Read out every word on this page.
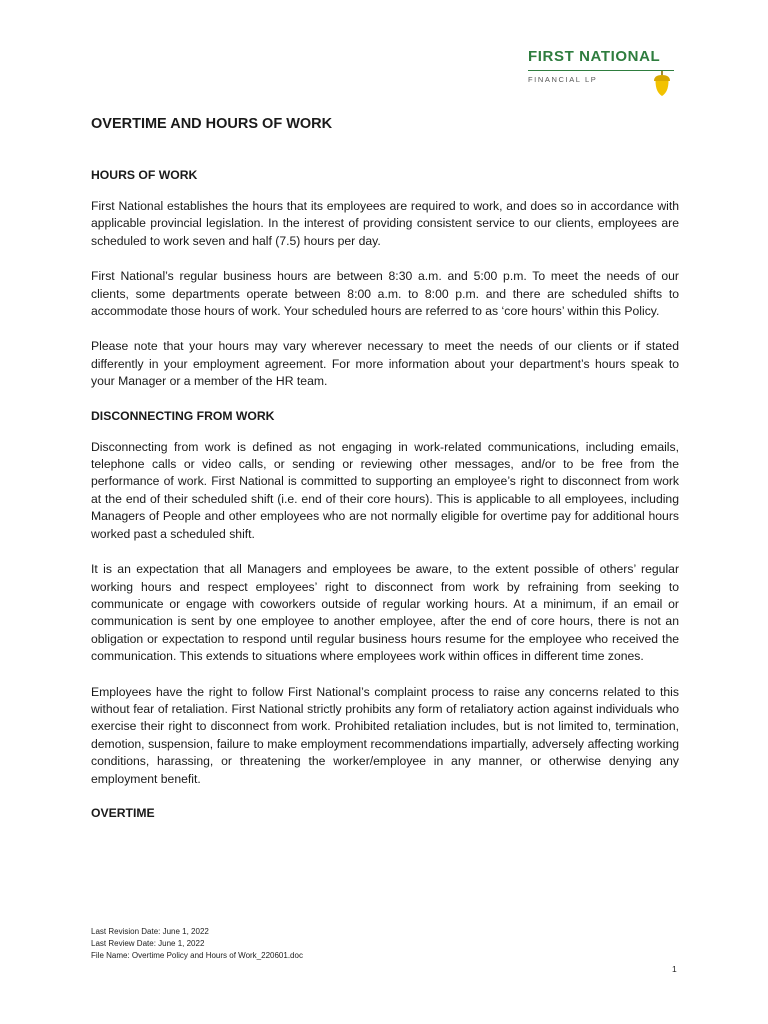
FIRST NATIONAL
FINANCIAL LP
OVERTIME AND HOURS OF WORK
HOURS OF WORK

First National establishes the hours that its employees are required to work, and does so in accordance with applicable provincial legislation. In the interest of providing consistent service to our clients, employees are scheduled to work seven and half (7.5) hours per day.

First National’s regular business hours are between 8:30 a.m. and 5:00 p.m. To meet the needs of our clients, some departments operate between 8:00 a.m. to 8:00 p.m. and there are scheduled shifts to accommodate those hours of work. Your scheduled hours are referred to as ‘core hours’ within this Policy.

Please note that your hours may vary wherever necessary to meet the needs of our clients or if stated differently in your employment agreement. For more information about your department’s hours speak to your Manager or a member of the HR team.

DISCONNECTING FROM WORK

Disconnecting from work is defined as not engaging in work-related communications, including emails, telephone calls or video calls, or sending or reviewing other messages, and/or to be free from the performance of work. First National is committed to supporting an employee’s right to disconnect from work at the end of their scheduled shift (i.e. end of their core hours). This is applicable to all employees, including Managers of People and other employees who are not normally eligible for overtime pay for additional hours worked past a scheduled shift.

It is an expectation that all Managers and employees be aware, to the extent possible of others’ regular working hours and respect employees’ right to disconnect from work by refraining from seeking to communicate or engage with coworkers outside of regular working hours. At a minimum, if an email or communication is sent by one employee to another employee, after the end of core hours, there is not an obligation or expectation to respond until regular business hours resume for the employee who received the communication. This extends to situations where employees work within offices in different time zones.

Employees have the right to follow First National’s complaint process to raise any concerns related to this without fear of retaliation. First National strictly prohibits any form of retaliatory action against individuals who exercise their right to disconnect from work. Prohibited retaliation includes, but is not limited to, termination, demotion, suspension, failure to make employment recommendations impartially, adversely affecting working conditions, harassing, or threatening the worker/employee in any manner, or otherwise denying any employment benefit.

OVERTIME
Last Revision Date: June 1, 2022
Last Review Date: June 1, 2022
File Name: Overtime Policy and Hours of Work_220601.doc
1
